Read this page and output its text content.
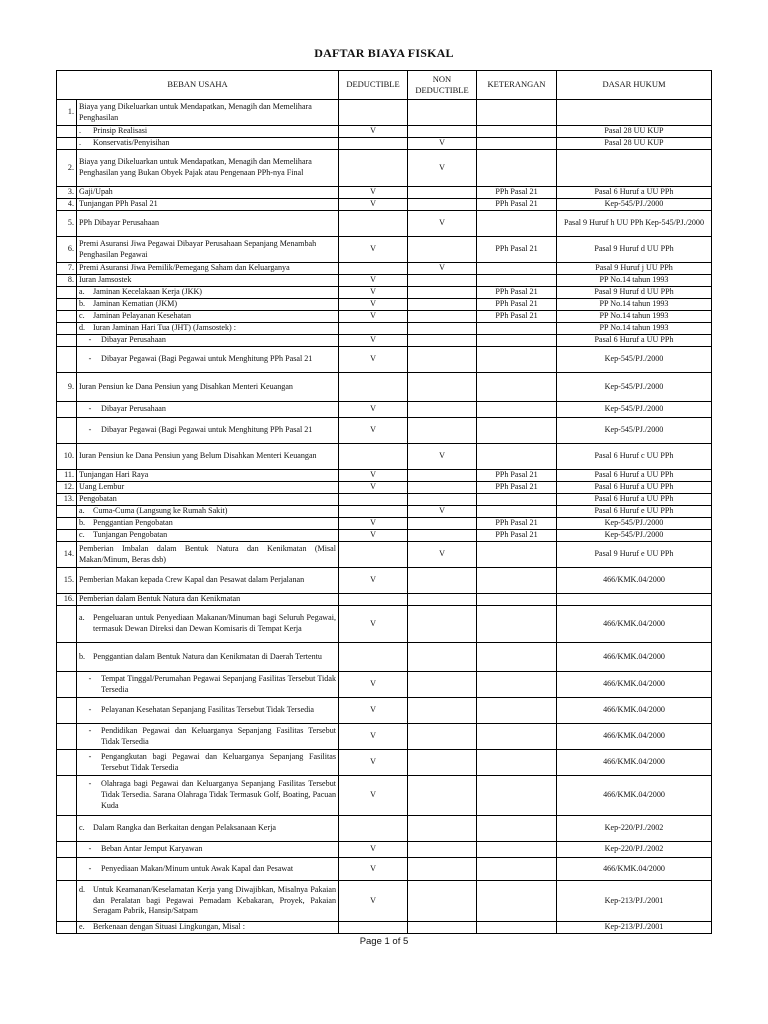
DAFTAR BIAYA FISKAL
BEBAN USAHA		DEDUCTIBLE	NON
DEDUCTIBLE	KETERANGAN	DASAR HUKUM
1.	Biaya yang Dikeluarkan untuk Mendapatkan, Menagih dan Memelihara Penghasilan				

	. Prinsip Realisasi	V			Pasal 28 UU KUP

	. Konservatis/Penyisihan		V		Pasal 28 UU KUP
2.	Biaya yang Dikeluarkan untuk Mendapatkan, Menagih dan Memelihara Penghasilan yang Bukan Obyek Pajak atau Pengenaan PPh-nya Final		V		
3.	Gaji/Upah	V		PPh Pasal 21	Pasal 6 Huruf a UU PPh
4.	Tunjangan PPh Pasal 21	V		PPh Pasal 21	Kep-545/PJ./2000
5.	PPh Dibayar Perusahaan		V		Pasal 9 Huruf h UU PPh Kep-545/PJ./2000
6.	Premi Asuransi Jiwa Pegawai Dibayar Perusahaan Sepanjang Menambah Penghasilan Pegawai	V		PPh Pasal 21	Pasal 9 Huruf d UU PPh
7.	Premi Asuransi Jiwa Pemilik/Pemegang Saham dan Keluarganya		V		Pasal 9 Huruf j UU PPh
8.	Iuran Jamsostek	V			PP No.14 tahun 1993

	a. Jaminan Kecelakaan Kerja (JKK)	V		PPh Pasal 21	Pasal 9 Huruf d UU PPh

	b. Jaminan Kematian (JKM)	V		PPh Pasal 21	PP No.14 tahun 1993

	c. Jaminan Pelayanan Kesehatan	V		PPh Pasal 21	PP No.14 tahun 1993

	d. Iuran Jaminan Hari Tua (JHT) (Jamsostek) :				PP No.14 tahun 1993

	- Dibayar Perusahaan	V			Pasal 6 Huruf a UU PPh

	- Dibayar Pegawai (Bagi Pegawai untuk Menghitung PPh Pasal 21	V			Kep-545/PJ./2000
9.	Iuran Pensiun ke Dana Pensiun yang Disahkan Menteri Keuangan				Kep-545/PJ./2000

	- Dibayar Perusahaan	V			Kep-545/PJ./2000

	- Dibayar Pegawai (Bagi Pegawai untuk Menghitung PPh Pasal 21	V			Kep-545/PJ./2000
10.	Iuran Pensiun ke Dana Pensiun yang Belum Disahkan Menteri Keuangan		V		Pasal 6 Huruf c UU PPh
11.	Tunjangan Hari Raya	V		PPh Pasal 21	Pasal 6 Huruf a UU PPh
12.	Uang Lembur	V		PPh Pasal 21	Pasal 6 Huruf a UU PPh
13.	Pengobatan				Pasal 6 Huruf a UU PPh

	a. Cuma-Cuma (Langsung ke Rumah Sakit)		V		Pasal 6 Huruf e UU PPh

	b. Penggantian Pengobatan	V		PPh Pasal 21	Kep-545/PJ./2000

	c. Tunjangan Pengobatan	V		PPh Pasal 21	Kep-545/PJ./2000
14.	Pemberian Imbalan dalam Bentuk Natura dan Kenikmatan (Misal Makan/Minum, Beras dsb)		V		Pasal 9 Huruf e UU PPh
15.	Pemberian Makan kepada Crew Kapal dan Pesawat dalam Perjalanan	V			466/KMK.04/2000
16.	Pemberian dalam Bentuk Natura dan Kenikmatan				

	a. Pengeluaran untuk Penyediaan Makanan/Minuman bagi Seluruh Pegawai, termasuk Dewan Direksi dan Dewan Komisaris di Tempat Kerja	V			466/KMK.04/2000

	b. Penggantian dalam Bentuk Natura dan Kenikmatan di Daerah Tertentu				466/KMK.04/2000

	- Tempat Tinggal/Perumahan Pegawai Sepanjang Fasilitas Tersebut Tidak Tersedia	V			466/KMK.04/2000

	- Pelayanan Kesehatan Sepanjang Fasilitas Tersebut Tidak Tersedia	V			466/KMK.04/2000

	- Pendidikan Pegawai dan Keluarganya Sepanjang Fasilitas Tersebut Tidak Tersedia	V			466/KMK.04/2000

	- Pengangkutan bagi Pegawai dan Keluarganya Sepanjang Fasilitas Tersebut Tidak Tersedia	V			466/KMK.04/2000

	- Olahraga bagi Pegawai dan Keluarganya Sepanjang Fasilitas Tersebut Tidak Tersedia. Sarana Olahraga Tidak Termasuk Golf, Boating, Pacuan Kuda	V			466/KMK.04/2000

	c. Dalam Rangka dan Berkaitan dengan Pelaksanaan Kerja				Kep-220/PJ./2002

	- Beban Antar Jemput Karyawan	V			Kep-220/PJ./2002

	- Penyediaan Makan/Minum untuk Awak Kapal dan Pesawat	V			466/KMK.04/2000

	d. Untuk Keamanan/Keselamatan Kerja yang Diwajibkan, Misalnya Pakaian dan Peralatan bagi Pegawai Pemadam Kebakaran, Proyek, Pakaian Seragam Pabrik, Hansip/Satpam	V			Kep-213/PJ./2001

	e. Berkenaan dengan Situasi Lingkungan, Misal :				Kep-213/PJ./2001
Page 1 of 5
